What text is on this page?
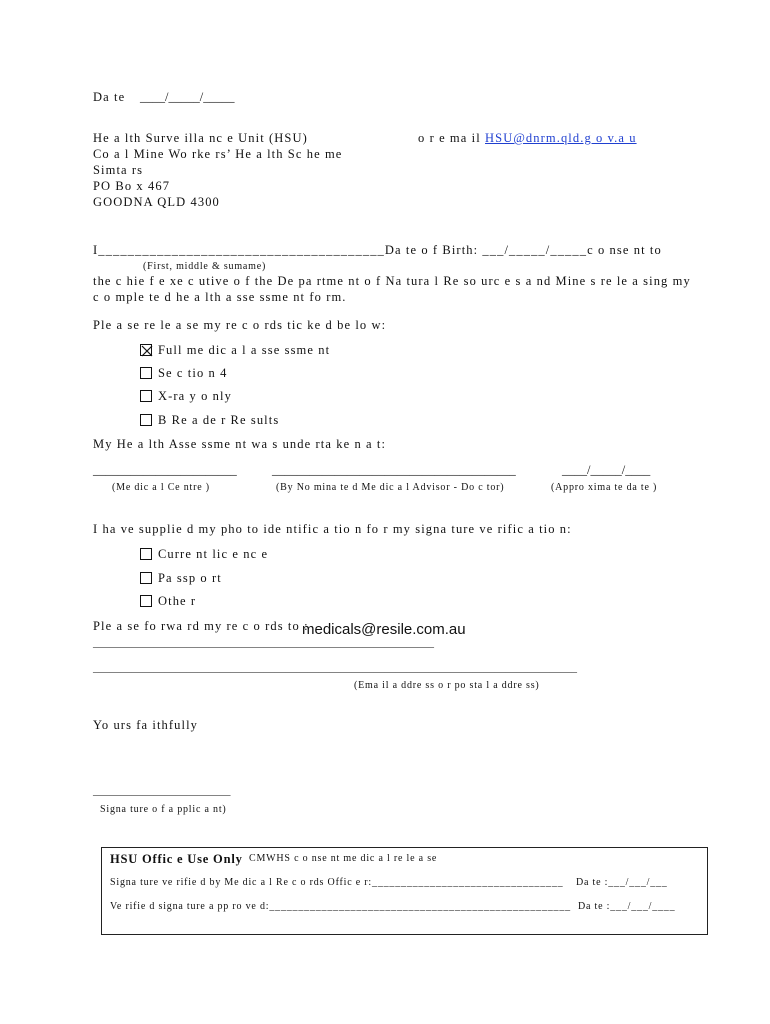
Da te ____/_____/_____
He a lth Surve illa nc e Unit (HSU)
Co a l Mine Wo rke rs’ He a lth Sc he me
Simta rs
PO Bo x 467
GOODNA QLD 4300
o r e ma il HSU@dnrm.qld.g o v.a u
I_______________________________________Da te o f Birth: ___/_____/_____c o nse nt to
(First, middle & sumame)
the c hie f e xe c utive o f the De pa rtme nt o f Na tura l Re so urc e s a nd Mine s re le a sing my
c o mple te d he a lth a sse ssme nt fo rm.
Ple a se re le a se my re c o rds tic ke d be lo w:
Full me dic a l a sse ssme nt
Se c tio n 4
X-ra y o nly
B Re a de r Re sults
My He a lth Asse ssme nt wa s unde rta ke n a t:
_______________________	_______________________________________	____/_____/____
(Me dic a l Ce ntre )	(By No mina te d Me dic a l Advisor - Do c tor)	(Appro xima te da te )
I ha ve supplie d my pho to ide ntific a tio n fo r my signa ture ve rific a tio n:
Curre nt lic e nc e
Pa ssp o rt
Othe r
Ple a se fo rwa rd my re c o rds to :
medicals@resile.com.au
______________________________________________________________
________________________________________________________________________________________
(Ema il a ddre ss o r po sta l a ddre ss)
Yo urs fa ithfully
_________________________
Signa ture o f a pplic a nt)
HSU Offic e Use Only CMWHS c o nse nt me dic a l re le a se
Signa ture ve rifie d by Me dic a l Re c o rds Offic e r:_________________________________ Da te :___/___/___
Ve rifie d signa ture a pp ro ve d:____________________________________________________ Da te :___/___/____
